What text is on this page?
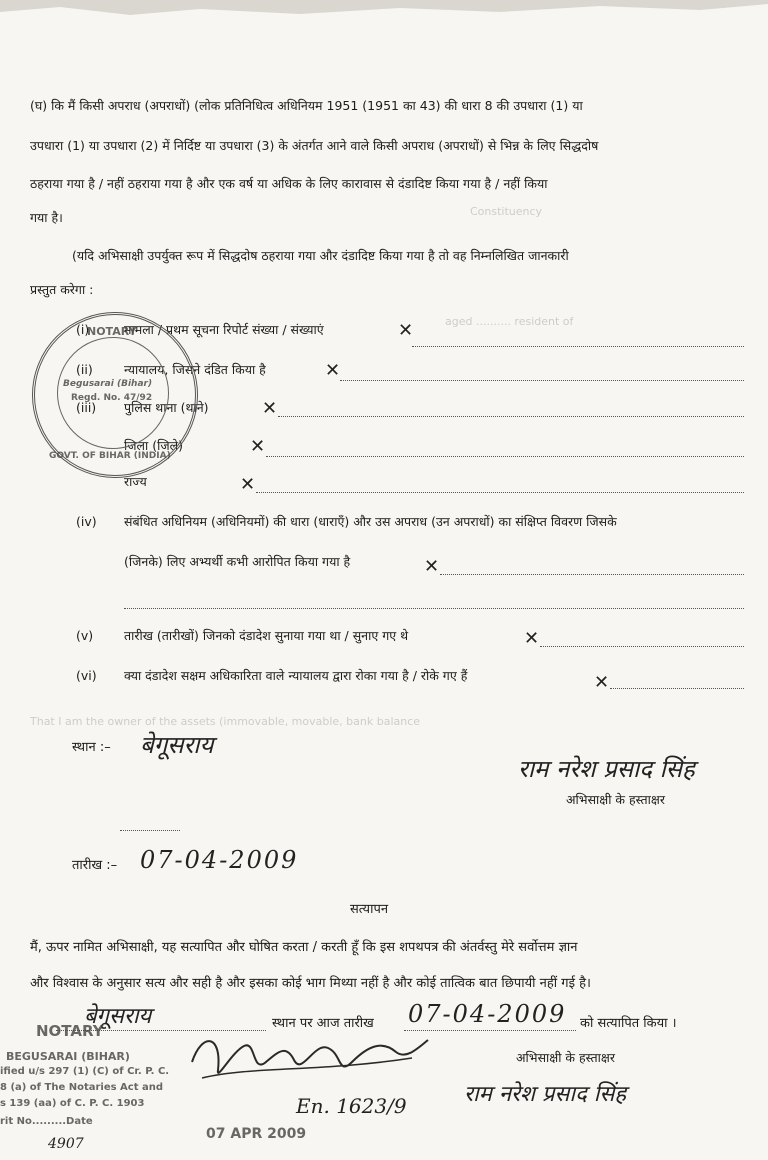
Constituency
aged .......... resident of
That I am the owner of the assets (immovable, movable, bank balance
(घ) कि मैं किसी अपराध (अपराधों) (लोक प्रतिनिधित्व अधिनियम 1951 (1951 का 43) की धारा 8 की उपधारा (1) या
उपधारा (1) या उपधारा (2) में निर्दिष्ट या उपधारा (3) के अंतर्गत आने वाले किसी अपराध (अपराधों) से भिन्न के लिए सिद्धदोष
ठहराया गया है / नहीं ठहराया गया है और एक वर्ष या अधिक के लिए कारावास से दंडादिष्ट किया गया है / नहीं किया
गया है।
(यदि अभिसाक्षी उपर्युक्त रूप में सिद्धदोष ठहराया गया और दंडादिष्ट किया गया है तो वह निम्नलिखित जानकारी
प्रस्तुत करेगा :
(i)	मामला / प्रथम सूचना रिपोर्ट संख्या / संख्याएं	✕
(ii)	न्यायालय, जिसने दंडित किया है	✕
(iii) पुलिस थाना (थाने)	✕
जिला (जिले)	✕
राज्य	✕
(iv) संबंधित अधिनियम (अधिनियमों) की धारा (धाराएँ) और उस अपराध (उन अपराधों) का संक्षिप्त विवरण जिसके
(जिनके) लिए अभ्यर्थी कभी आरोपित किया गया है	✕
(v) तारीख (तारीखों) जिनको दंडादेश सुनाया गया था / सुनाए गए थे	✕
(vi) क्या दंडादेश सक्षम अधिकारिता वाले न्यायालय द्वारा रोका गया है / रोके गए हैं	✕
स्थान :– बेगूसराय
राम नरेश प्रसाद सिंह
अभिसाक्षी के हस्ताक्षर
तारीख :– 07-04-2009
सत्यापन
मैं, ऊपर नामित अभिसाक्षी, यह सत्यापित और घोषित करता / करती हूँ कि इस शपथपत्र की अंतर्वस्तु मेरे सर्वोत्तम ज्ञान
और विश्वास के अनुसार सत्य और सही है और इसका कोई भाग मिथ्या नहीं है और कोई तात्विक बात छिपायी नहीं गई है।
बेगूसराय	स्थान पर आज तारीख 07-04-2009 को सत्यापित किया ।
अभिसाक्षी के हस्ताक्षर
राम नरेश प्रसाद सिंह
En. 1623/9
NOTARY
Begusarai (Bihar)
Regd. No. 47/92
GOVT. OF BIHAR (INDIA)
NOTARY
BEGUSARAI (BIHAR)
ified u/s 297 (1) (C) of Cr. P. C.
8 (a) of The Notaries Act and
s 139 (aa) of C. P. C. 1903
rit No.........Date
07 APR 2009
4907
